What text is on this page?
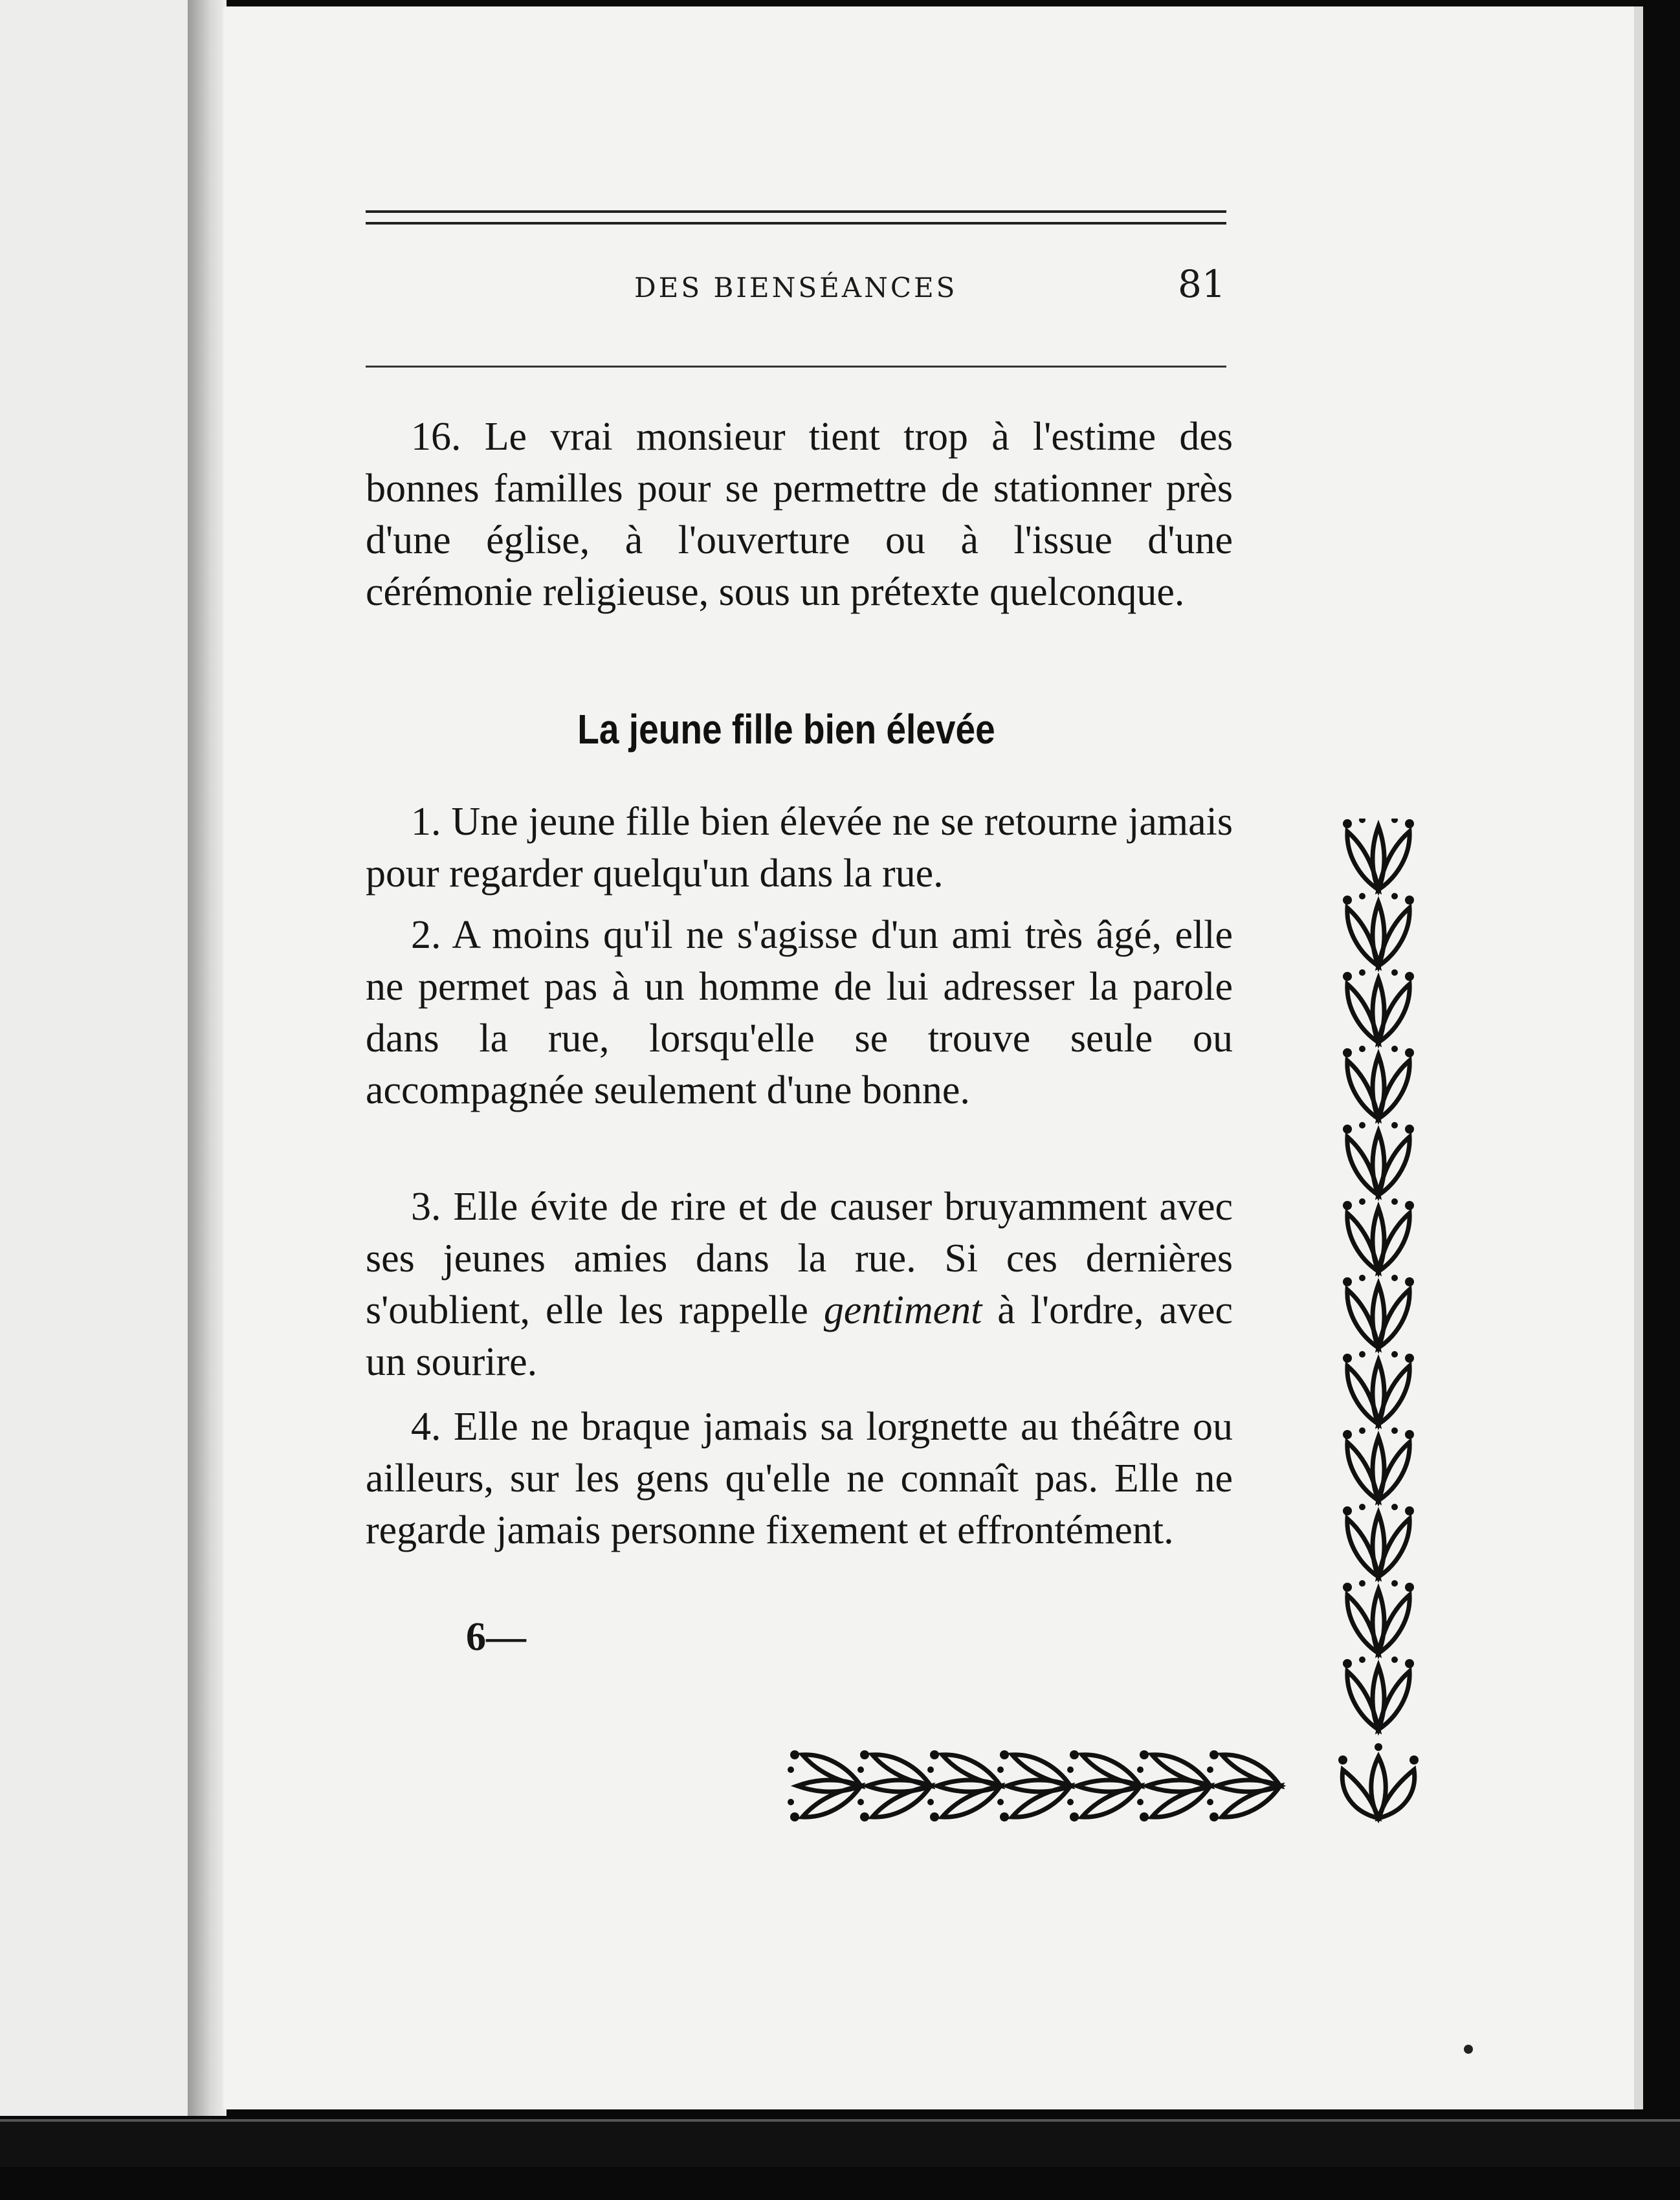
DES BIENSÉANCES	81
16. Le vrai monsieur tient trop à l'estime des bonnes familles pour se permettre de stationner près d'une église, à l'ouverture ou à l'issue d'une cérémonie religieuse, sous un prétexte quelconque.
La jeune fille bien élevée
1. Une jeune fille bien élevée ne se retourne jamais pour regarder quelqu'un dans la rue.
2. A moins qu'il ne s'agisse d'un ami très âgé, elle ne permet pas à un homme de lui adresser la parole dans la rue, lorsqu'elle se trouve seule ou accompagnée seulement d'une bonne.
3. Elle évite de rire et de causer bruyamment avec ses jeunes amies dans la rue. Si ces dernières s'oublient, elle les rappelle gentiment à l'ordre, avec un sourire.
4. Elle ne braque jamais sa lorgnette au théâtre ou ailleurs, sur les gens qu'elle ne connaît pas. Elle ne regarde jamais personne fixement et effrontément.
6—
